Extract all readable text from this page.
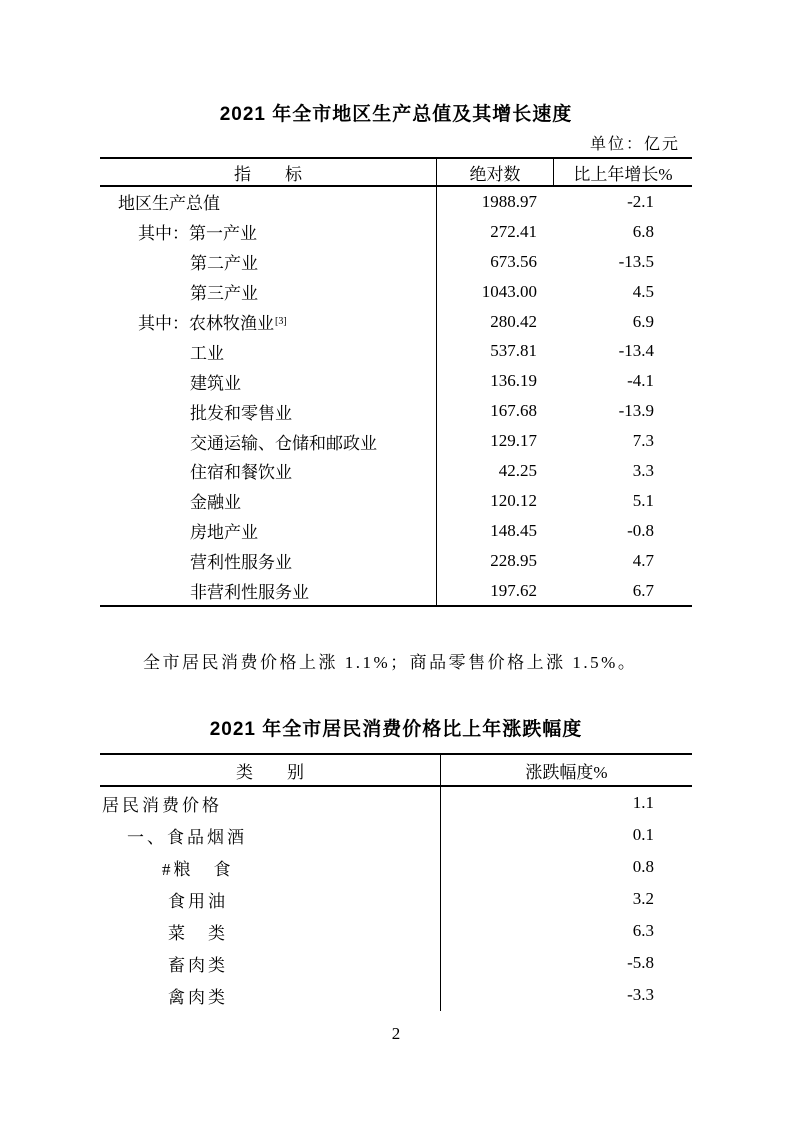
2021 年全市地区生产总值及其增长速度
单位：亿元
指　　标	绝对数	比上年增长%
地区生产总值	1988.97	-2.1
其中：第一产业	272.41	6.8
第二产业	673.56	-13.5
第三产业	1043.00	4.5
其中：农林牧渔业 [3]	280.42	6.9
工业	537.81	-13.4
建筑业	136.19	-4.1
批发和零售业	167.68	-13.9
交通运输、仓储和邮政业	129.17	7.3
住宿和餐饮业	42.25	3.3
金融业	120.12	5.1
房地产业	148.45	-0.8
营利性服务业	228.95	4.7
非营利性服务业	197.62	6.7
全市居民消费价格上涨 1.1%；商品零售价格上涨 1.5%。
2021 年全市居民消费价格比上年涨跌幅度
类　　别	涨跌幅度%
居民消费价格	1.1
一、食品烟酒	0.1
#粮　食	0.8
食用油	3.2
菜　类	6.3
畜肉类	-5.8
禽肉类	-3.3
2
